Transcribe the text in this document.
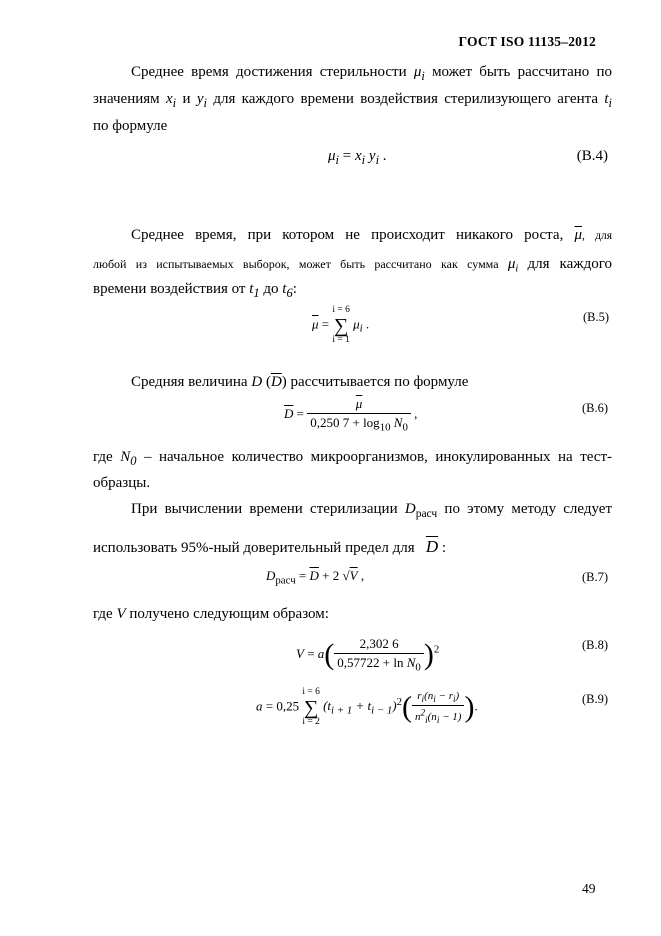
ГОСТ ISO 11135–2012
Среднее время достижения стерильности $\mu_i$ может быть рассчитано по
значениям $x_i$ и $y_i$ для каждого времени воздействия стерилизующего агента $t_i$
по формуле
$\mu_i = x_i$ $y_i$ .	(B.4)
Среднее время, при котором не происходит никакого роста, $\overline{\mu}$, для
любой из испытываемых выборок, может быть рассчитано как сумма $\mu_i$ для каждого
времени воздействия от $t_1$ до $t_6$:
$\overline{\mu}$ =
i = 6
∑
i = 1
$\mu_i$ .	(B.5)
Средняя величина D $(\overline{D})$ рассчитывается по формуле
$\overline{D} = \frac{\overline{\mu}}{0,250 7 + \log_{10} N_0}$ ,	(B.6)
где $N_0$ – начальное количество микроорганизмов, инокулированных на тест-
образцы.
При вычислении времени стерилизации $D_{расч}$ по этому методу следует
использовать 95%-ный доверительный предел для $\overline{D}$ :
$D_{расч} = \overline{D} + 2$ √V ,	(B.7)
где V получено следующим образом:
$V = a( \frac{2,302 6}{0,57722 + \ln N_0} )^2$	(B.8)
a = 0,25
i = 6
∑
i = 2
$(t_{i + 1} + t_{i - 1})^2( \frac{r_i(n_i - r_i)}{n^2_i(n_i - 1)}$ ).	(B.9)
49
